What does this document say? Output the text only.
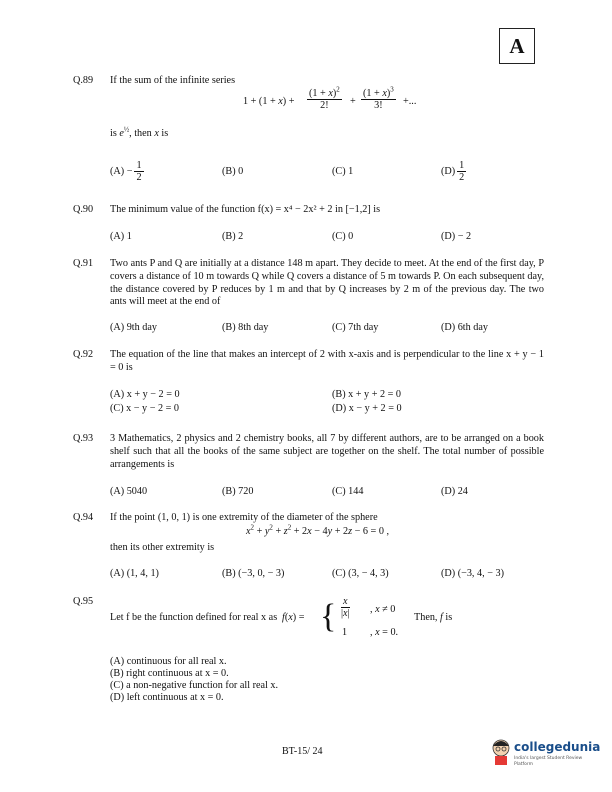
A
Q.89 If the sum of the infinite series
$1 + (1 + x) + \frac{(1 + x)^2}{2!} + \frac{(1 + x)^3}{3!}$ +...
is $e^{\frac{1}{2}}$, then x is
$(A) - \frac{1}{2}$	(B) 0	(C) 1	$(D) \frac{1}{2}$
Q.90 The minimum value of the function f(x) = x⁴ − 2x² + 2 in [−1,2] is
(A) 1	(B) 2	(C) 0	(D) − 2
Q.91 Two ants P and Q are initially at a distance 148 m apart. They decide to meet. At the end of the first day, P covers a distance of 10 m towards Q while Q covers a distance of 5 m towards P. On each subsequent day, the distance covered by P reduces by 1 m and that by Q increases by 2 m of the previous day. The two ants will meet at the end of
(A) 9th day	(B) 8th day	(C) 7th day	(D) 6th day
Q.92 The equation of the line that makes an intercept of 2 with x-axis and is perpendicular to the line x + y − 1 = 0 is
(A) x + y − 2 = 0	(B) x + y + 2 = 0
(C) x − y − 2 = 0	(D) x − y + 2 = 0
Q.93 3 Mathematics, 2 physics and 2 chemistry books, all 7 by different authors, are to be arranged on a book shelf such that all the books of the same subject are together on the shelf. The total number of possible arrangements is
(A) 5040	(B) 720	(C) 144	(D) 24
Q.94 If the point (1, 0, 1) is one extremity of the diameter of the sphere
$x^2 + y^2 + z^2 + 2x - 4y + 2z - 6 = 0$ ,
then its other extremity is
(A) (1, 4, 1)	(B) (−3, 0, − 3)	(C) (3, − 4, 3)	(D) (−3, 4, − 3)
Q.95
Let f be the function defined for real x as f(x) = { $\frac{x}{|x|}$ , x ≠ 0
1 , x = 0.
Then, f is
(A) continuous for all real x.
(B) right continuous at x = 0.
(C) a non-negative function for all real x.
(D) left continuous at x = 0.
BT-15/ 24	collegedunia
India's largest Student Review Platform
